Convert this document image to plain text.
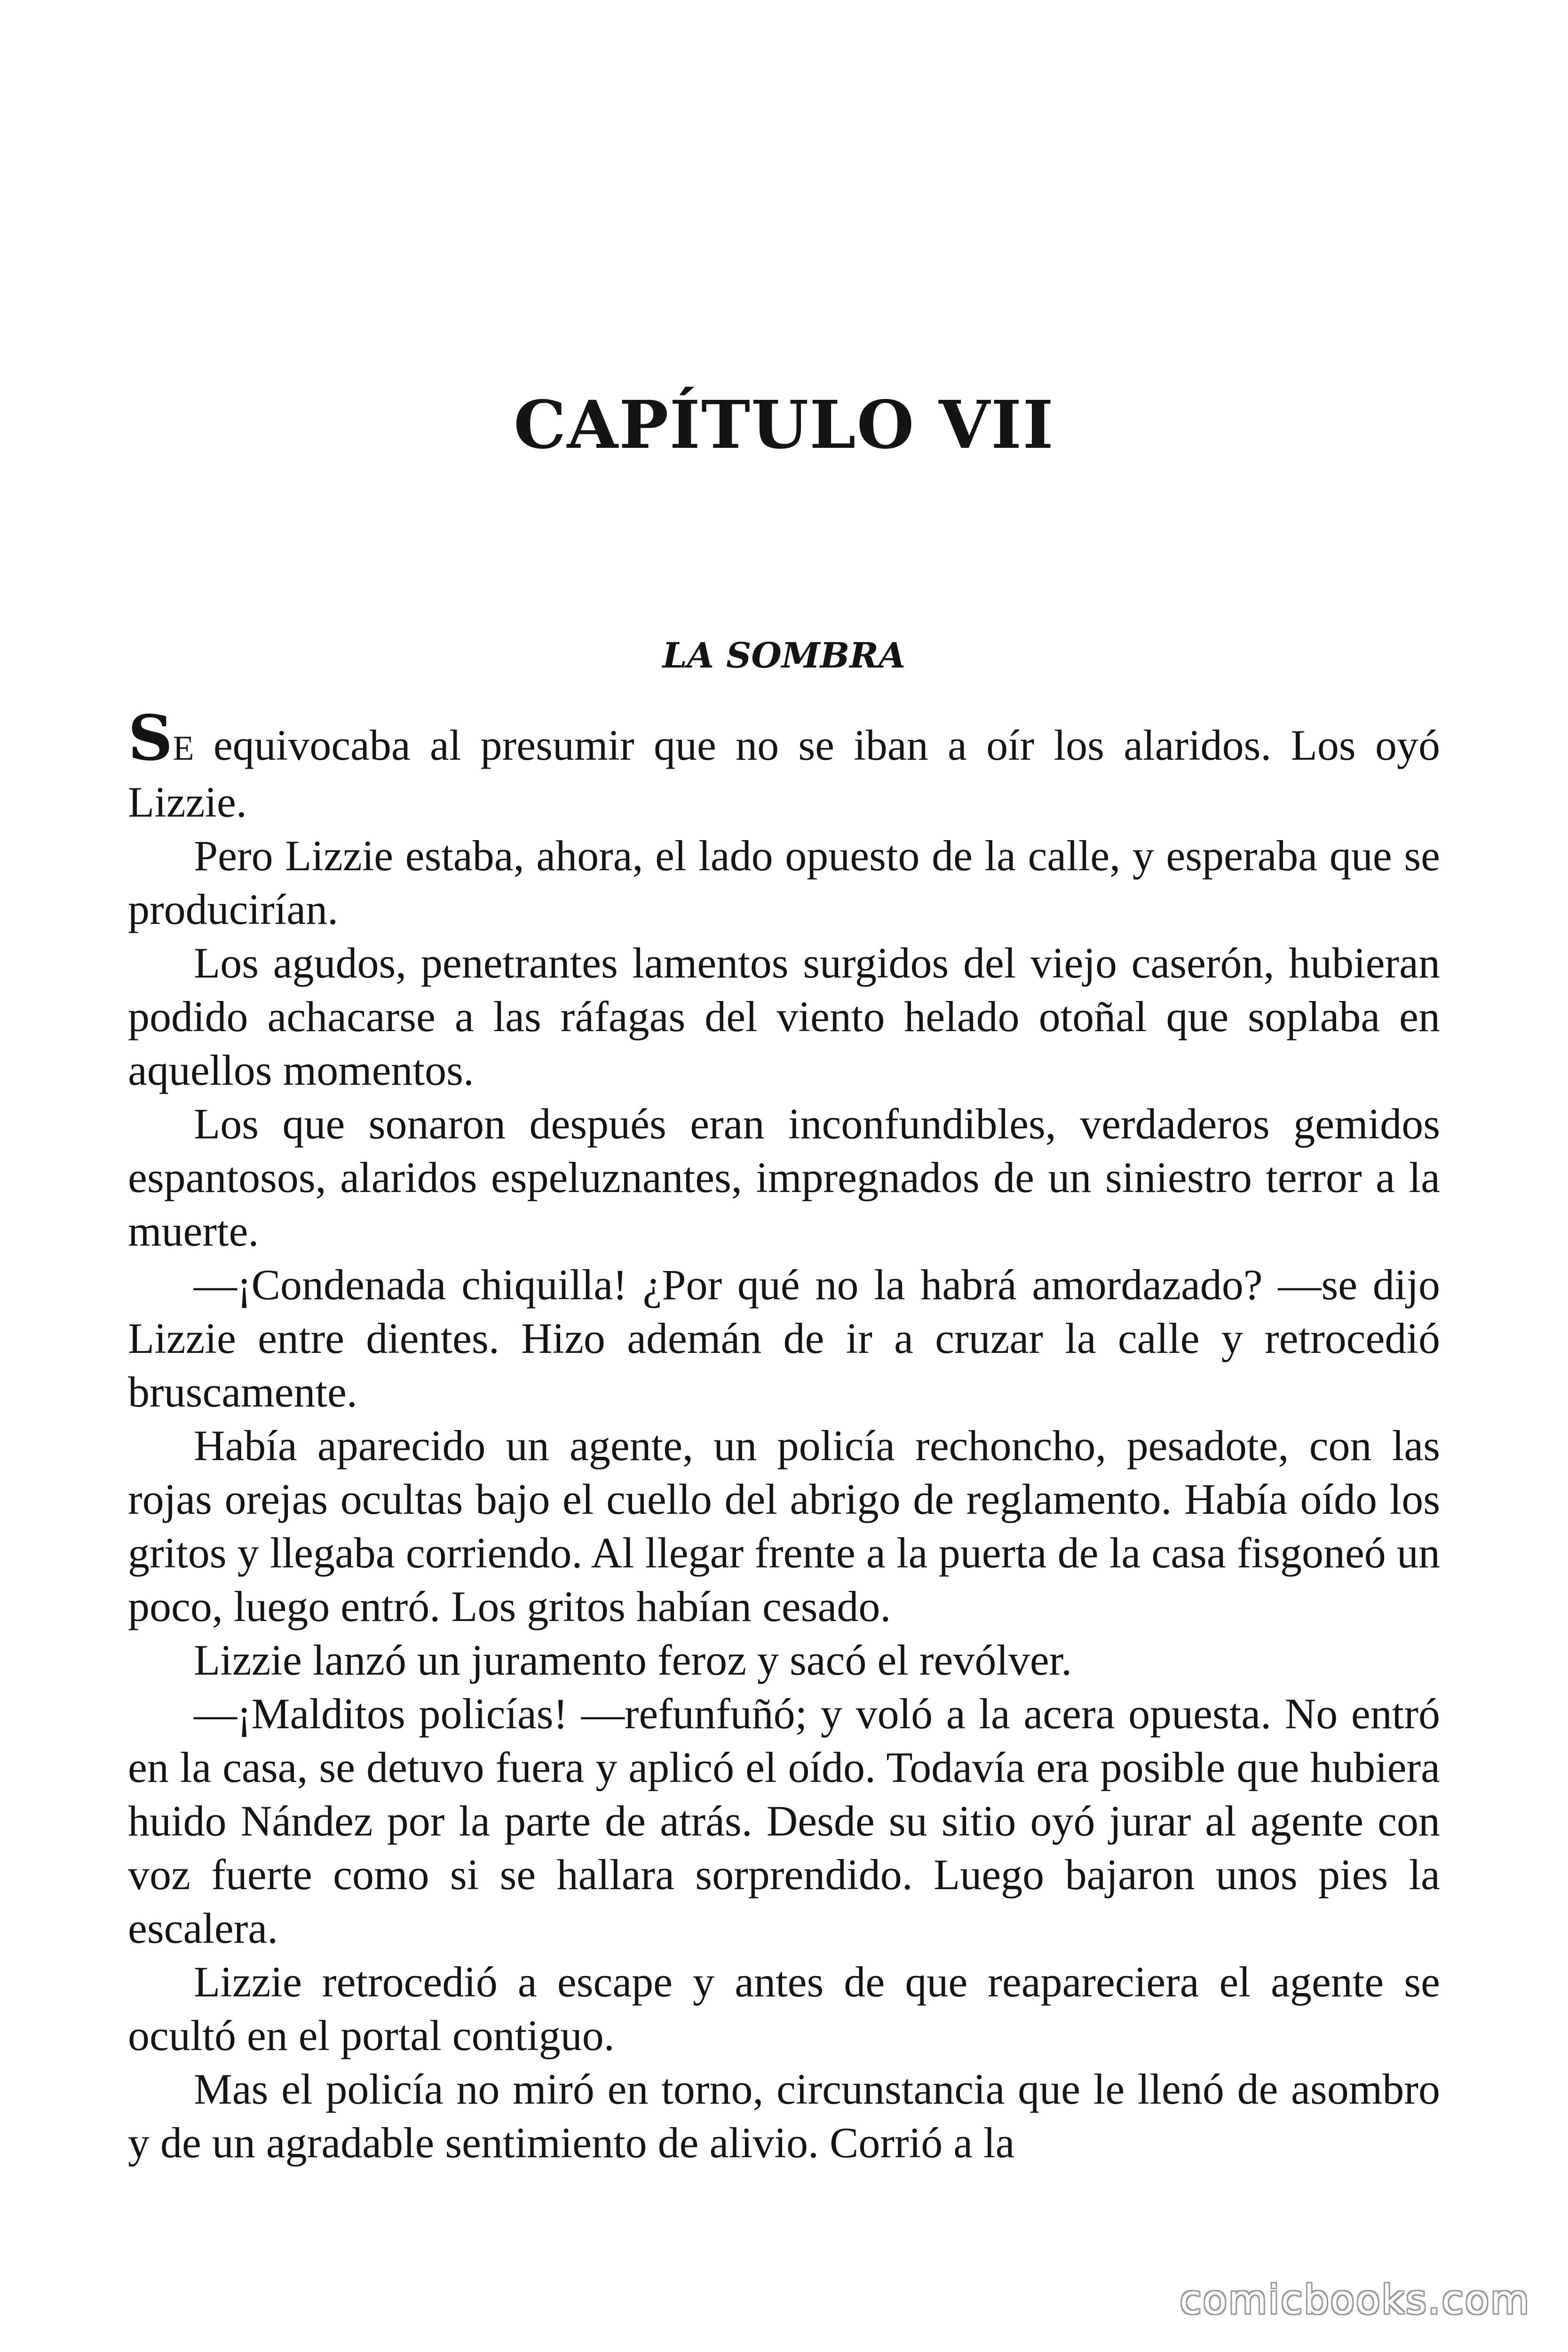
CAPÍTULO VII
LA SOMBRA

SE equivocaba al presumir que no se iban a oír los alaridos. Los oyó Lizzie.

Pero Lizzie estaba, ahora, el lado opuesto de la calle, y esperaba que se producirían.

Los agudos, penetrantes lamentos surgidos del viejo caserón, hubieran podido achacarse a las ráfagas del viento helado otoñal que soplaba en aquellos momentos.

Los que sonaron después eran inconfundibles, verdaderos gemidos espantosos, alaridos espeluznantes, impregnados de un siniestro terror a la muerte.

—¡Condenada chiquilla! ¿Por qué no la habrá amordazado? —se dijo Lizzie entre dientes. Hizo ademán de ir a cruzar la calle y retrocedió bruscamente.

Había aparecido un agente, un policía rechoncho, pesadote, con las rojas orejas ocultas bajo el cuello del abrigo de reglamento. Había oído los gritos y llegaba corriendo. Al llegar frente a la puerta de la casa fisgoneó un poco, luego entró. Los gritos habían cesado.

Lizzie lanzó un juramento feroz y sacó el revólver.

—¡Malditos policías! —refunfuñó; y voló a la acera opuesta. No entró en la casa, se detuvo fuera y aplicó el oído. Todavía era posible que hubiera huido Nández por la parte de atrás. Desde su sitio oyó jurar al agente con voz fuerte como si se hallara sorprendido. Luego bajaron unos pies la escalera.

Lizzie retrocedió a escape y antes de que reapareciera el agente se ocultó en el portal contiguo.

Mas el policía no miró en torno, circunstancia que le llenó de asombro y de un agradable sentimiento de alivio. Corrió a la

comicbooks.com
